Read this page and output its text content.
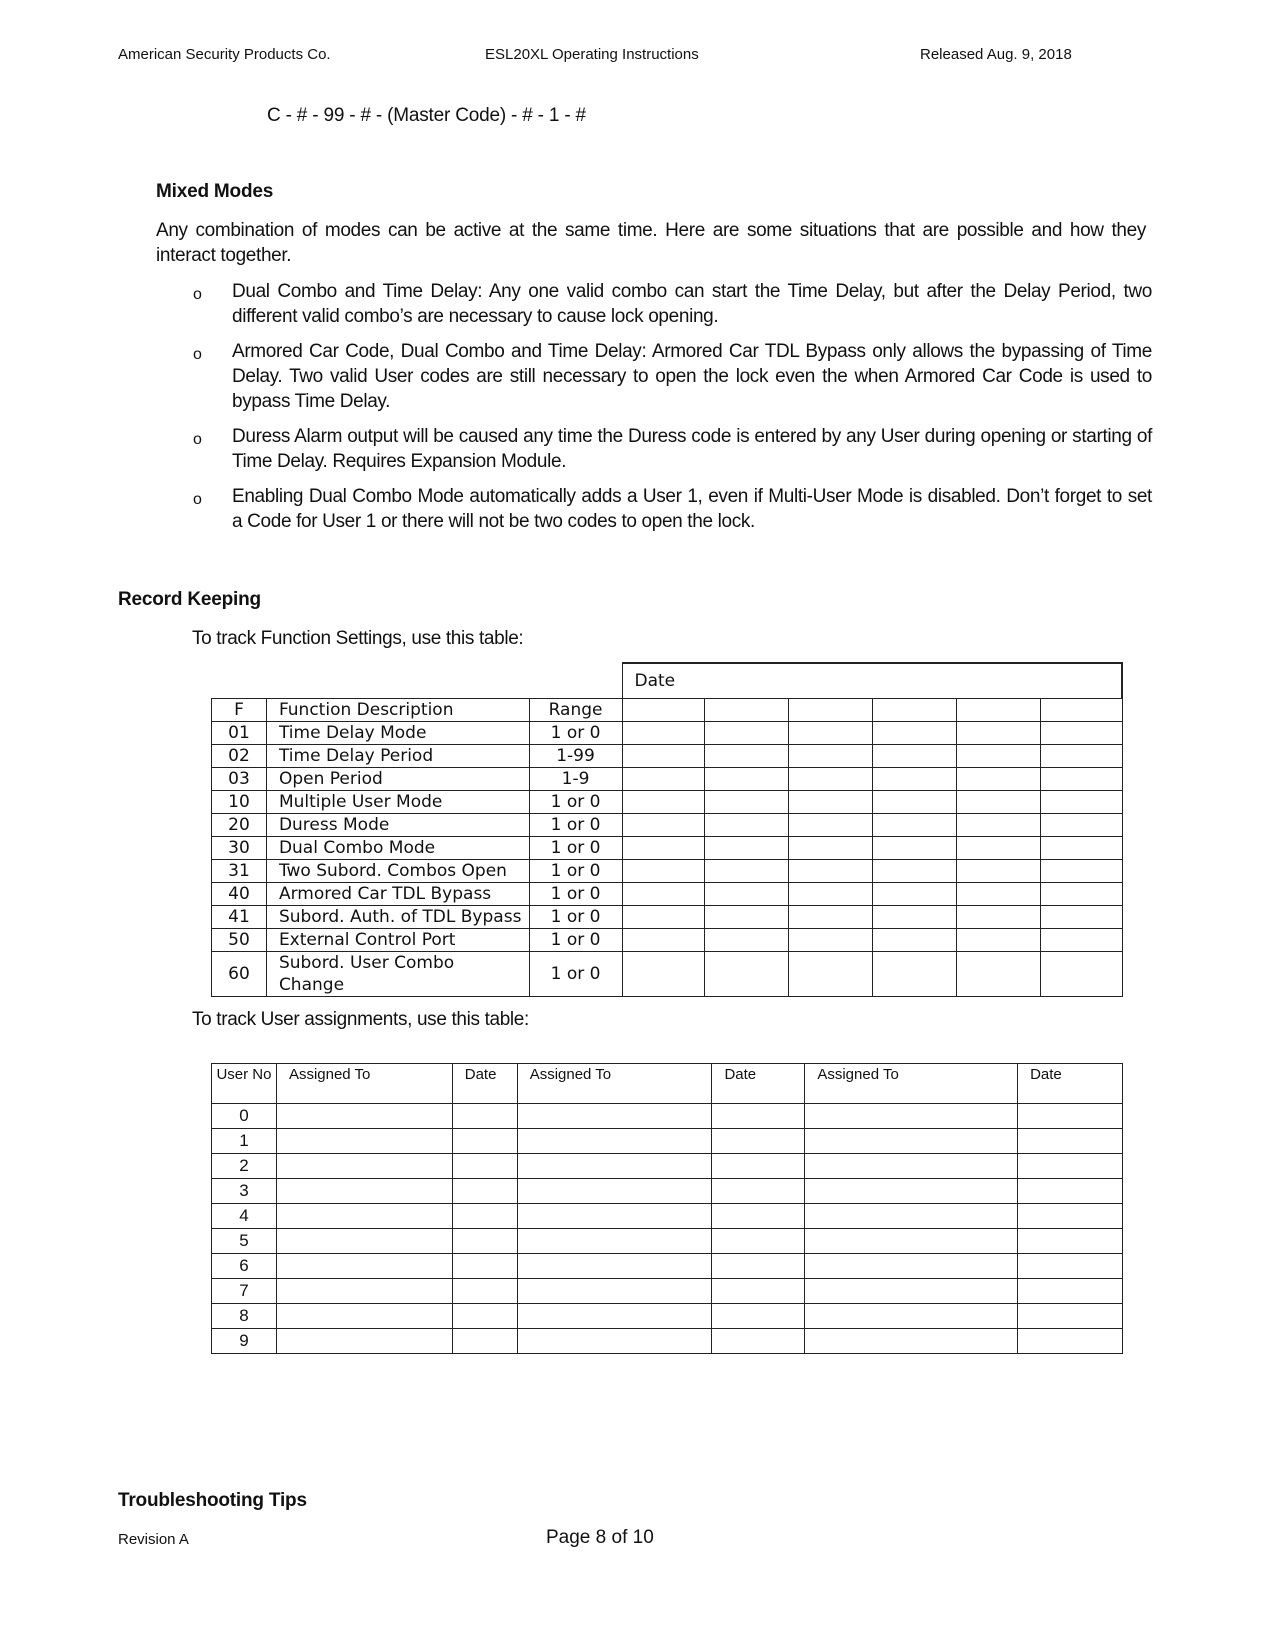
American Security Products Co.	ESL20XL Operating Instructions	Released Aug. 9, 2018
C - # - 99 - # - (Master Code) - # - 1 - #
Mixed Modes
Any combination of modes can be active at the same time. Here are some situations that are possible and how they interact together.
o Dual Combo and Time Delay: Any one valid combo can start the Time Delay, but after the Delay Period, two different valid combo’s are necessary to cause lock opening.
o Armored Car Code, Dual Combo and Time Delay: Armored Car TDL Bypass only allows the bypassing of Time Delay. Two valid User codes are still necessary to open the lock even the when Armored Car Code is used to bypass Time Delay.
o Duress Alarm output will be caused any time the Duress code is entered by any User during opening or starting of Time Delay. Requires Expansion Module.
o Enabling Dual Combo Mode automatically adds a User 1, even if Multi-User Mode is disabled. Don’t forget to set a Code for User 1 or there will not be two codes to open the lock.
Record Keeping
To track Function Settings, use this table:
			Date					
F	Function Description	Range						
01	Time Delay Mode	1 or 0						
02	Time Delay Period	1-99						
03	Open Period	1-9						
10	Multiple User Mode	1 or 0						
20	Duress Mode	1 or 0						
30	Dual Combo Mode	1 or 0						
31	Two Subord. Combos Open	1 or 0						
40	Armored Car TDL Bypass	1 or 0						
41	Subord. Auth. of TDL Bypass	1 or 0						
50	External Control Port	1 or 0						
60	Subord. User Combo Change	1 or 0						
To track User assignments, use this table:
User No	Assigned To	Date	Assigned To	Date	Assigned To	Date
0						
1						
2						
3						
4						
5						
6						
7						
8						
9						
Troubleshooting Tips
Revision A	Page 8 of 10
